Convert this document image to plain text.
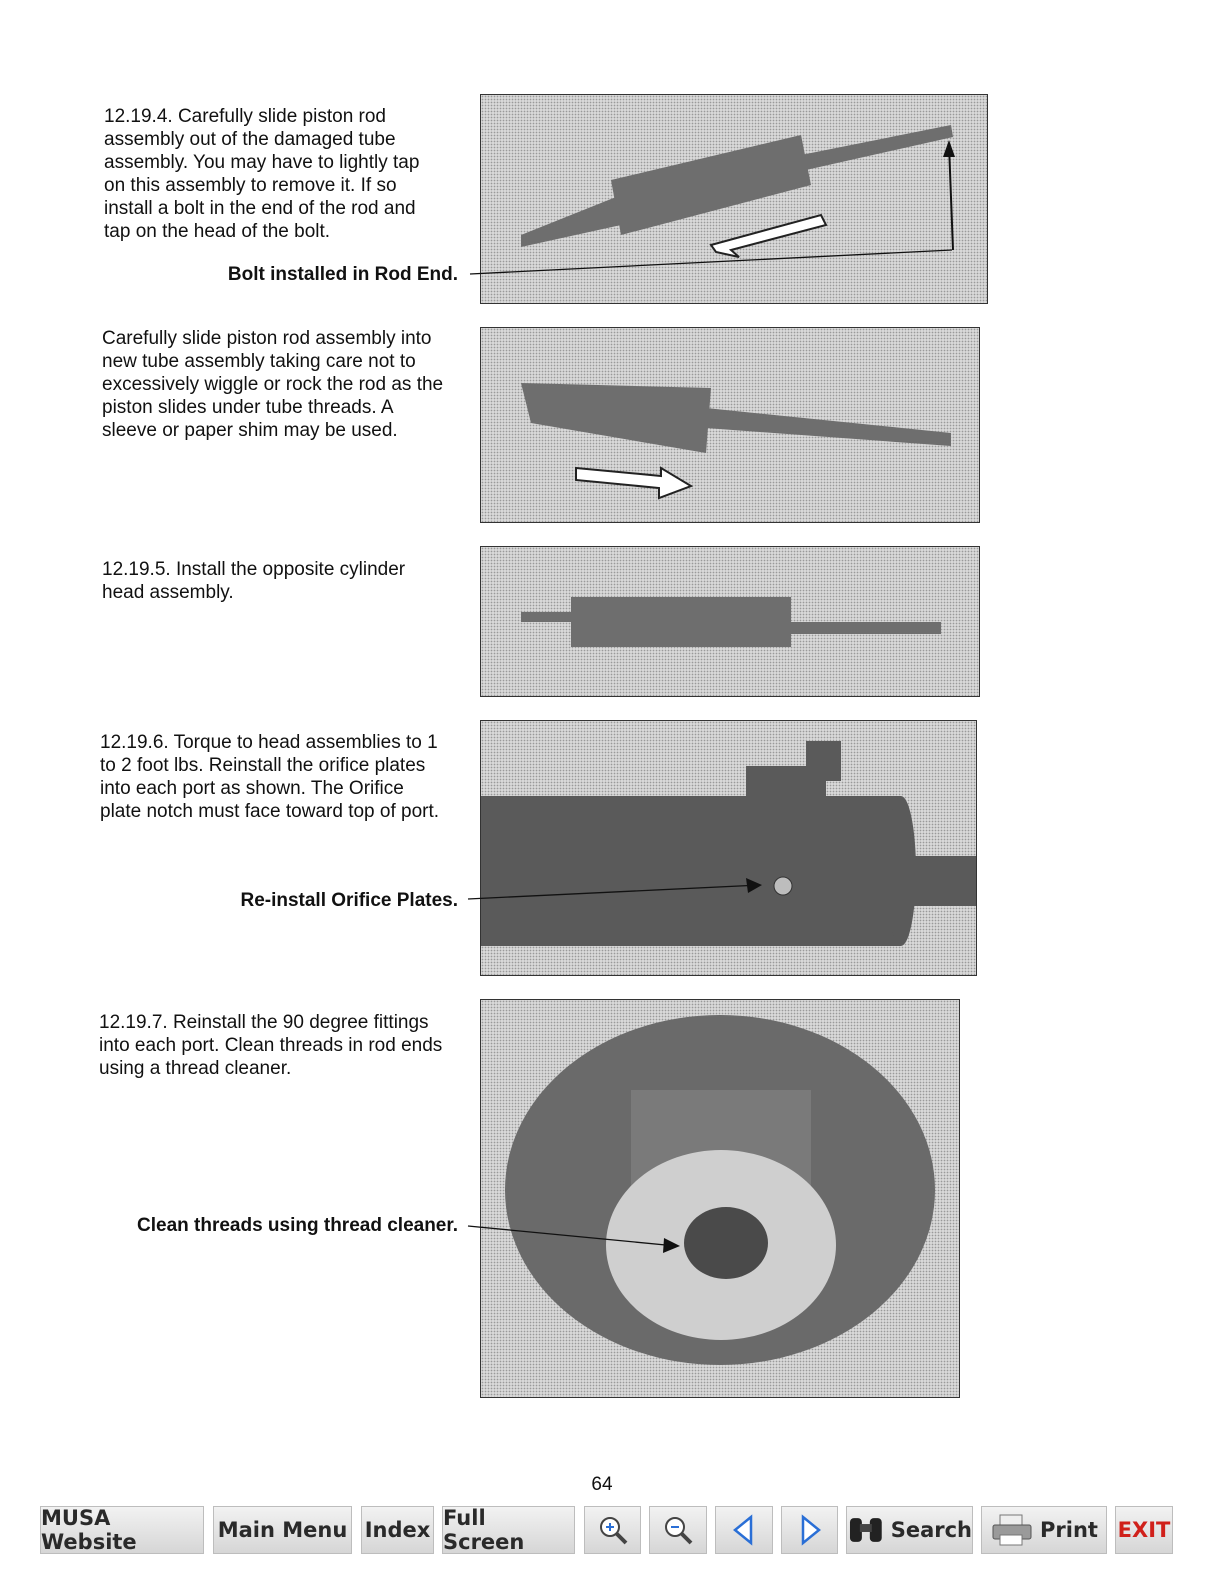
12.19.4. Carefully slide piston rod
assembly out of the damaged tube
assembly. You may have to lightly tap
on this assembly to remove it. If so
install a bolt in the end of the rod and
tap on the head of the bolt.

Bolt installed in Rod End.

Carefully slide piston rod assembly into
new tube assembly taking care not to
excessively wiggle or rock the rod as the
piston slides under tube threads. A
sleeve or paper shim may be used.

12.19.5. Install the opposite cylinder
head assembly.

12.19.6. Torque to head assemblies to 1
to 2 foot lbs. Reinstall the orifice plates
into each port as shown. The Orifice
plate notch must face toward top of port.

Re-install Orifice Plates.

12.19.7. Reinstall the 90 degree fittings
into each port. Clean threads in rod ends
using a thread cleaner.

Clean threads using thread cleaner.
64
MUSA Website	Main Menu Index Full Screen	Search	Print EXIT
